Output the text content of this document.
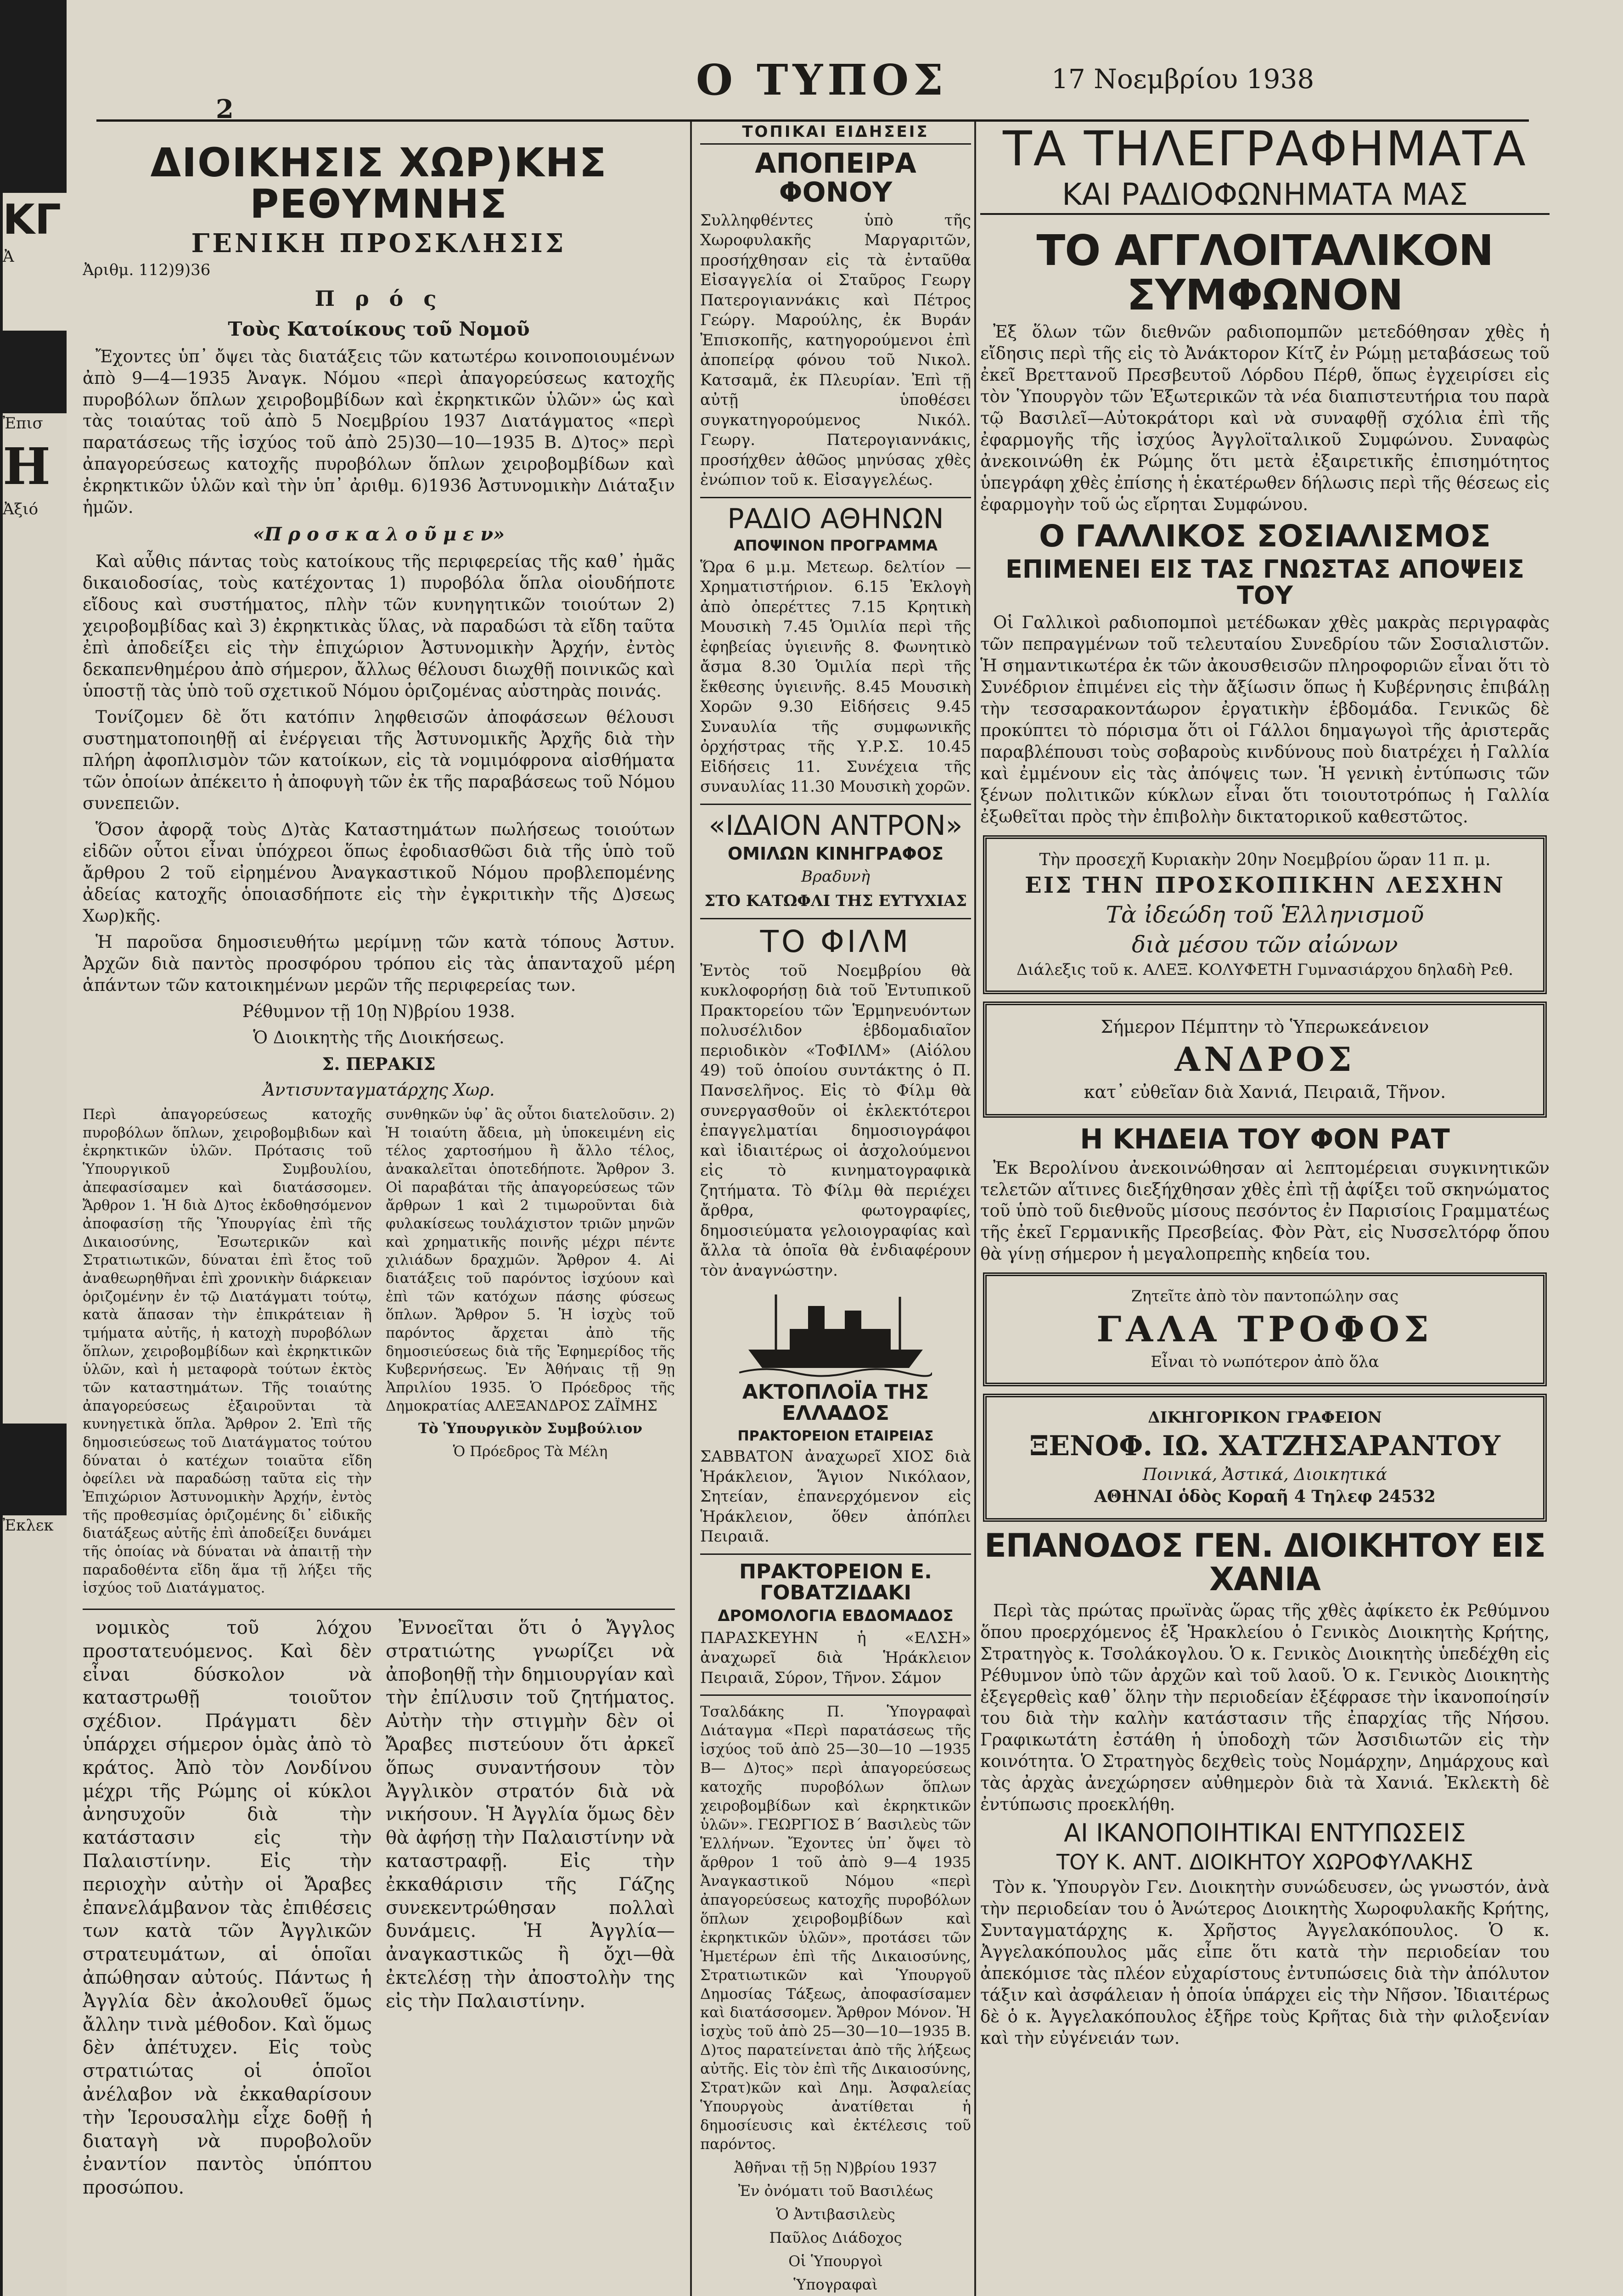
2
Ο ΤΥΠΟΣ	17 Νοεμβρίου 1938
ΔΙΟΙΚΗΣΙΣ ΧΩΡ)ΚΗΣ ΡΕΘΥΜΝΗΣ
ΓΕΝΙΚΗ ΠΡΟΣΚΛΗΣΙΣ

Ἀριθμ. 112)9)36

Π ρ ό ς

Τοὺς Κατοίκους τοῦ Νομοῦ

Ἔχοντες ὑπ᾽ ὄψει τὰς διατάξεις τῶν κατωτέρω κοινοποιουμένων ἀπὸ 9—4—1935 Ἀναγκ. Νόμου «περὶ ἀπαγορεύσεως κατοχῆς πυροβόλων ὅπλων χειροβομβίδων καὶ ἐκρηκτικῶν ὑλῶν» ὡς καὶ τὰς τοιαύτας τοῦ ἀπὸ 5 Νοεμβρίου 1937 Διατάγματος «περὶ παρατάσεως τῆς ἰσχύος τοῦ ἀπὸ 25)30—10—1935 Β. Δ)τος» περὶ ἀπαγορεύσεως κατοχῆς πυροβόλων ὅπλων χειροβομβίδων καὶ ἐκρηκτικῶν ὑλῶν καὶ τὴν ὑπ᾽ ἀριθμ. 6)1936 Ἀστυνομικὴν Διάταξιν ἡμῶν.

«Π ρ ο σ κ α λ ο ῦ μ ε ν»

Καὶ αὖθις πάντας τοὺς κατοίκους τῆς περιφερείας τῆς καθ᾽ ἡμᾶς δικαιοδοσίας, τοὺς κατέχοντας 1) πυροβόλα ὅπλα οἱουδήποτε εἴδους καὶ συστήματος, πλὴν τῶν κυνηγητικῶν τοιούτων 2) χειροβομβίδας καὶ 3) ἐκρηκτικὰς ὕλας, νὰ παραδώσι τὰ εἴδη ταῦτα ἐπὶ ἀποδείξει εἰς τὴν ἐπιχώριον Ἀστυνομικὴν Ἀρχήν, ἐντὸς δεκαπενθημέρου ἀπὸ σήμερον, ἄλλως θέλουσι διωχθῇ ποινικῶς καὶ ὑποστῇ τὰς ὑπὸ τοῦ σχετικοῦ Νόμου ὁριζομένας αὐστηρὰς ποινάς.

Τονίζομεν δὲ ὅτι κατόπιν ληφθεισῶν ἀποφάσεων θέλουσι συστηματοποιηθῇ αἱ ἐνέργειαι τῆς Ἀστυνομικῆς Ἀρχῆς διὰ τὴν πλήρη ἀφοπλισμὸν τῶν κατοίκων, εἰς τὰ νομιμόφρονα αἰσθήματα τῶν ὁποίων ἀπέκειτο ἡ ἀποφυγὴ τῶν ἐκ τῆς παραβάσεως τοῦ Νόμου συνεπειῶν.

Ὅσον ἀφορᾷ τοὺς Δ)τὰς Καταστημάτων πωλήσεως τοιούτων εἰδῶν οὗτοι εἶναι ὑπόχρεοι ὅπως ἐφοδιασθῶσι διὰ τῆς ὑπὸ τοῦ ἄρθρου 2 τοῦ εἰρημένου Ἀναγκαστικοῦ Νόμου προβλεπομένης ἀδείας κατοχῆς ὁποιασδήποτε εἰς τὴν ἐγκριτικὴν τῆς Δ)σεως Χωρ)κῆς.

Ἡ παροῦσα δημοσιευθήτω μερίμνῃ τῶν κατὰ τόπους Ἀστυν. Ἀρχῶν διὰ παντὸς προσφόρου τρόπου εἰς τὰς ἁπανταχοῦ μέρη ἁπάντων τῶν κατοικημένων μερῶν τῆς περιφερείας των.

Ρέθυμνον τῇ 10ῃ Ν)βρίου 1938.

Ὁ Διοικητὴς τῆς Διοικήσεως.

Σ. ΠΕΡΑΚΙΣ

Ἀντισυνταγματάρχης Χωρ.

Περὶ ἀπαγορεύσεως κατοχῆς πυροβόλων ὅπλων, χειροβομβιδων καὶ ἐκρηκτικῶν ὑλῶν. Πρότασις τοῦ Ὑπουργικοῦ Συμβουλίου, ἀπεφασίσαμεν καὶ διατάσσομεν. Ἄρθρον 1. Ἡ διὰ Δ)τος ἐκδοθησόμενον ἀποφασίσῃ τῆς Ὑπουργίας ἐπὶ τῆς Δικαιοσύνης, Ἐσωτερικῶν καὶ Στρατιωτικῶν, δύναται ἐπὶ ἔτος τοῦ ἀναθεωρηθῆναι ἐπὶ χρονικὴν διάρκειαν ὁριζομένην ἐν τῷ Διατάγματι τούτῳ, κατὰ ἅπασαν τὴν ἐπικράτειαν ἢ τμήματα αὐτῆς, ἡ κατοχὴ πυροβόλων ὅπλων, χειροβομβίδων καὶ ἐκρηκτικῶν ὑλῶν, καὶ ἡ μεταφορὰ τούτων ἐκτὸς τῶν καταστημάτων. Τῆς τοιαύτης ἀπαγορεύσεως ἐξαιροῦνται τὰ κυνηγετικὰ ὅπλα. Ἄρθρον 2. Ἐπὶ τῆς δημοσιεύσεως τοῦ Διατάγματος τούτου δύναται ὁ κατέχων τοιαῦτα εἴδη ὀφείλει νὰ παραδώσῃ ταῦτα εἰς τὴν Ἐπιχώριον Ἀστυνομικὴν Ἀρχήν, ἐντὸς τῆς προθεσμίας ὁριζομένης δι᾽ εἰδικῆς διατάξεως αὐτῆς ἐπὶ ἀποδείξει δυνάμει τῆς ὁποίας νὰ δύναται νὰ ἀπαιτῇ τὴν παραδοθέντα εἴδη ἅμα τῇ λήξει τῆς ἰσχύος τοῦ Διατάγματος.

συνθηκῶν ὑφ᾽ ἃς οὗτοι διατελοῦσιν. 2) Ἡ τοιαύτη ἄδεια, μὴ ὑποκειμένη εἰς τέλος χαρτοσήμου ἢ ἄλλο τέλος, ἀνακαλεῖται ὁποτεδήποτε. Ἄρθρον 3. Οἱ παραβάται τῆς ἀπαγορεύσεως τῶν ἄρθρων 1 καὶ 2 τιμωροῦνται διὰ φυλακίσεως τουλάχιστον τριῶν μηνῶν καὶ χρηματικῆς ποινῆς μέχρι πέντε χιλιάδων δραχμῶν. Ἄρθρον 4. Αἱ διατάξεις τοῦ παρόντος ἰσχύουν καὶ ἐπὶ τῶν κατόχων πάσης φύσεως ὅπλων. Ἄρθρον 5. Ἡ ἰσχὺς τοῦ παρόντος ἄρχεται ἀπὸ τῆς δημοσιεύσεως διὰ τῆς Ἐφημερίδος τῆς Κυβερνήσεως. Ἐν Ἀθήναις τῇ 9ῃ Ἀπριλίου 1935. Ὁ Πρόεδρος τῆς Δημοκρατίας ΑΛΕΞΑΝΔΡΟΣ ΖΑΪΜΗΣ

Τὸ Ὑπουργικὸν Συμβούλιον

Ὁ Πρόεδρος Τὰ Μέλη

νομικὸς τοῦ λόχου προστατευόμενος. Καὶ δὲν εἶναι δύσκολον νὰ καταστρωθῇ τοιοῦτον σχέδιον. Πράγματι δὲν ὑπάρχει σήμερον ὁμὰς ἀπὸ τὸ κράτος. Ἀπὸ τὸν Λονδίνου μέχρι τῆς Ρώμης οἱ κύκλοι ἀνησυχοῦν διὰ τὴν κατάστασιν εἰς τὴν Παλαιστίνην. Εἰς τὴν περιοχὴν αὐτὴν οἱ Ἄραβες ἐπανελάμβανον τὰς ἐπιθέσεις των κατὰ τῶν Ἀγγλικῶν στρατευμάτων, αἱ ὁποῖαι ἀπώθησαν αὐτούς. Πάντως ἡ Ἀγγλία δὲν ἀκολουθεῖ ὅμως ἄλλην τινὰ μέθοδον. Καὶ ὅμως δὲν ἀπέτυχεν. Εἰς τοὺς στρατιώτας οἱ ὁποῖοι ἀνέλαβον νὰ ἐκκαθαρίσουν τὴν Ἱερουσαλὴμ εἶχε δοθῇ ἡ διαταγὴ νὰ πυροβολοῦν ἐναντίον παντὸς ὑπόπτου προσώπου.

Ἐννοεῖται ὅτι ὁ Ἄγγλος στρατιώτης γνωρίζει νὰ ἀποβοηθῇ τὴν δημιουργίαν καὶ τὴν ἐπίλυσιν τοῦ ζητήματος. Αὐτὴν τὴν στιγμὴν δὲν οἱ Ἄραβες πιστεύουν ὅτι ἀρκεῖ ὅπως συναντήσουν τὸν Ἀγγλικὸν στρατόν διὰ νὰ νικήσουν. Ἡ Ἀγγλία ὅμως δὲν θὰ ἀφήσῃ τὴν Παλαιστίνην νὰ καταστραφῇ. Εἰς τὴν ἐκκαθάρισιν τῆς Γάζης συνεκεντρώθησαν πολλαὶ δυνάμεις. Ἡ Ἀγγλία—ἀναγκαστικῶς ἢ ὄχι—θὰ ἐκτελέσῃ τὴν ἀποστολὴν της εἰς τὴν Παλαιστίνην.

ΤΟΠΙΚΑΙ ΕΙΔΗΣΕΙΣ
ΑΠΟΠΕΙΡΑ ΦΟΝΟΥ

Συλληφθέντες ὑπὸ τῆς Χωροφυλακῆς Μαργαριτῶν, προσήχθησαν εἰς τὰ ἐνταῦθα Εἰσαγγελία οἱ Σταῦρος Γεωργ Πατερογιαννάκις καὶ Πέτρος Γεώργ. Μαρούλης, ἐκ Βυράν Ἐπισκοπῆς, κατηγορούμενοι ἐπὶ ἀποπείρᾳ φόνου τοῦ Νικολ. Κατσαμᾶ, ἐκ Πλευρίαν. Ἐπὶ τῇ αὐτῇ ὑποθέσει συγκατηγορούμενος Νικόλ. Γεωργ. Πατερογιαννάκις, προσήχθεν ἀθῶος μηνύσας χθὲς ἐνώπιον τοῦ κ. Εἰσαγγελέως.

ΡΑΔΙΟ ΑΘΗΝΩΝ
ΑΠΟΨΙΝΟΝ ΠΡΟΓΡΑΜΜΑ

Ὥρα 6 μ.μ. Μετεωρ. δελτίον —Χρηματιστήριον. 6.15 Ἐκλογὴ ἀπὸ ὀπερέττες 7.15 Κρητικὴ Μουσικὴ 7.45 Ὁμιλία περὶ τῆς ἐφηβείας ὑγιεινῆς 8. Φωνητικὸ ἄσμα 8.30 Ὁμιλία περὶ τῆς ἔκθεσης ὑγιεινῆς. 8.45 Μουσικὴ Χορῶν 9.30 Εἰδήσεις 9.45 Συναυλία τῆς συμφωνικῆς ὀρχήστρας τῆς Υ.Ρ.Σ. 10.45 Εἰδήσεις 11. Συνέχεια τῆς συναυλίας 11.30 Μουσικὴ χορῶν.

«ΙΔΑΙΟΝ ΑΝΤΡΟΝ»
ΟΜΙΛΩΝ ΚΙΝΗΓΡΑΦΟΣ

Βραδυνὴ

ΣΤΟ ΚΑΤΩΦΛΙ ΤΗΣ ΕΥΤΥΧΙΑΣ

ΤΟ ΦΙΛΜ

Ἐντὸς τοῦ Νοεμβρίου θὰ κυκλοφορήσῃ διὰ τοῦ Ἐντυπικοῦ Πρακτορείου τῶν Ἑρμηνευόντων πολυσέλιδον ἑβδομαδιαῖον περιοδικὸν «ΤοΦΙΛΜ» (Αἰόλου 49) τοῦ ὁποίου συντάκτης ὁ Π. Πανσελῆνος. Εἰς τὸ Φίλμ θὰ συνεργασθοῦν οἱ ἐκλεκτότεροι ἐπαγγελματίαι δημοσιογράφοι καὶ ἰδιαιτέρως οἱ ἀσχολούμενοι εἰς τὸ κινηματογραφικὰ ζητήματα. Τὸ Φίλμ θὰ περιέχει ἄρθρα, φωτογραφίες, δημοσιεύματα γελοιογραφίας καὶ ἄλλα τὰ ὁποῖα θὰ ἐνδιαφέρουν τὸν ἀναγνώστην.

ΑΚΤΟΠΛΟΪΑ ΤΗΣ ΕΛΛΑΔΟΣ
ΠΡΑΚΤΟΡΕΙΟΝ ΕΤΑΙΡΕΙΑΣ

ΣΑΒΒΑΤΟΝ ἀναχωρεῖ ΧΙΟΣ διὰ Ἡράκλειον, Ἅγιον Νικόλαον, Σητείαν, ἐπανερχόμενον εἰς Ἡράκλειον, ὅθεν ἀπόπλει Πειραιᾶ.

ΠΡΑΚΤΟΡΕΙΟΝ Ε. ΓΟΒΑΤΖΙΔΑΚΙ
ΔΡΟΜΟΛΟΓΙΑ ΕΒΔΟΜΑΔΟΣ

ΠΑΡΑΣΚΕΥΗΝ ἡ «ΕΛΣΗ» ἀναχωρεῖ διὰ Ἡράκλειον Πειραιᾶ, Σύρον, Τῆνον. Σάμον

Τσαλδάκης Π. Ὑπογραφαὶ Διάταγμα «Περὶ παρατάσεως τῆς ἰσχύος τοῦ ἀπὸ 25—30—10 —1935 Β— Δ)τος» περὶ ἀπαγορεύσεως κατοχῆς πυροβόλων ὅπλων χειροβομβίδων καὶ ἐκρηκτικῶν ὑλῶν». ΓΕΩΡΓΙΟΣ Β΄ Βασιλεὺς τῶν Ἑλλήνων. Ἔχοντες ὑπ᾽ ὄψει τὸ ἄρθρον 1 τοῦ ἀπὸ 9—4 1935 Ἀναγκαστικοῦ Νόμου «περὶ ἀπαγορεύσεως κατοχῆς πυροβόλων ὅπλων χειροβομβίδων καὶ ἐκρηκτικῶν ὑλῶν», προτάσει τῶν Ἡμετέρων ἐπὶ τῆς Δικαιοσύνης, Στρατιωτικῶν καὶ Ὑπουργοῦ Δημοσίας Τάξεως, ἀποφασίσαμεν καὶ διατάσσομεν. Ἄρθρον Μόνον. Ἡ ἰσχὺς τοῦ ἀπὸ 25—30—10—1935 Β. Δ)τος παρατείνεται ἀπὸ τῆς λήξεως αὐτῆς. Εἰς τὸν ἐπὶ τῆς Δικαιοσύνης, Στρατ)κῶν καὶ Δημ. Ἀσφαλείας Ὑπουργοὺς ἀνατίθεται ἡ δημοσίευσις καὶ ἐκτέλεσις τοῦ παρόντος.

Ἀθῆναι τῇ 5ῃ Ν)βρίου 1937

Ἐν ὀνόματι τοῦ Βασιλέως

Ὁ Ἀντιβασιλεὺς

Παῦλος Διάδοχος

Οἱ Ὑπουργοὶ

Ὑπογραφαὶ

ΤΑ ΤΗΛΕΓΡΑΦΗΜΑΤΑ
ΚΑΙ ΡΑΔΙΟΦΩΝΗΜΑΤΑ ΜΑΣ
ΤΟ ΑΓΓΛΟΙΤΑΛΙΚΟΝ ΣΥΜΦΩΝΟΝ

Ἐξ ὅλων τῶν διεθνῶν ραδιοπομπῶν μετεδόθησαν χθὲς ἡ εἴδησις περὶ τῆς εἰς τὸ Ἀνάκτορον Κίτζ ἐν Ρώμῃ μεταβάσεως τοῦ ἐκεῖ Βρεττανοῦ Πρεσβευτοῦ Λόρδου Πέρθ, ὅπως ἐγχειρίσει εἰς τὸν Ὑπουργὸν τῶν Ἐξωτερικῶν τὰ νέα διαπιστευτήρια του παρὰ τῷ Βασιλεῖ—Αὐτοκράτορι καὶ νὰ συναφθῇ σχόλια ἐπὶ τῆς ἐφαρμογῆς τῆς ἰσχύος Ἀγγλοϊταλικοῦ Συμφώνου. Συναφὼς ἀνεκοινώθη ἐκ Ρώμης ὅτι μετὰ ἐξαιρετικῆς ἐπισημότητος ὑπεγράφη χθὲς ἐπίσης ἡ ἑκατέρωθεν δήλωσις περὶ τῆς θέσεως εἰς ἐφαρμογὴν τοῦ ὡς εἴρηται Συμφώνου.

Ο ΓΑΛΛΙΚΟΣ ΣΟΣΙΑΛΙΣΜΟΣ
ΕΠΙΜΕΝΕΙ ΕΙΣ ΤΑΣ ΓΝΩΣΤΑΣ ΑΠΟΨΕΙΣ ΤΟΥ

Οἱ Γαλλικοὶ ραδιοπομποὶ μετέδωκαν χθὲς μακρὰς περιγραφὰς τῶν πεπραγμένων τοῦ τελευταίου Συνεδρίου τῶν Σοσιαλιστῶν. Ἡ σημαντικωτέρα ἐκ τῶν ἀκουσθεισῶν πληροφοριῶν εἶναι ὅτι τὸ Συνέδριον ἐπιμένει εἰς τὴν ἄξίωσιν ὅπως ἡ Κυβέρνησις ἐπιβάλῃ τὴν τεσσαρακοντάωρον ἐργατικὴν ἑβδομάδα. Γενικῶς δὲ προκύπτει τὸ πόρισμα ὅτι οἱ Γάλλοι δημαγωγοὶ τῆς ἀριστερᾶς παραβλέπουσι τοὺς σοβαροὺς κινδύνους ποὺ διατρέχει ἡ Γαλλία καὶ ἐμμένουν εἰς τὰς ἀπόψεις των. Ἡ γενικὴ ἐντύπωσις τῶν ξένων πολιτικῶν κύκλων εἶναι ὅτι τοιουτοτρόπως ἡ Γαλλία ἐξωθεῖται πρὸς τὴν ἐπιβολὴν δικτατορικοῦ καθεστῶτος.

Τὴν προσεχῆ Κυριακὴν 20ην Νοεμβρίου ὥραν 11 π. μ.

ΕΙΣ ΤΗΝ ΠΡΟΣΚΟΠΙΚΗΝ ΛΕΣΧΗΝ

Τὰ ἰδεώδη τοῦ Ἑλληνισμοῦ

διὰ μέσου τῶν αἰώνων

Διάλεξις τοῦ κ. ΑΛΕΞ. ΚΟΛΥΦΕΤΗ Γυμνασιάρχου δηλαδὴ Ρεθ.

Σήμερον Πέμπτην τὸ Ὑπερωκεάνειον

ΑΝΔΡΟΣ

κατ᾽ εὐθεῖαν διὰ Χανιά, Πειραιᾶ, Τῆνον.

Η ΚΗΔΕΙΑ ΤΟΥ ΦΟΝ ΡΑΤ

Ἐκ Βερολίνου ἀνεκοινώθησαν αἱ λεπτομέρειαι συγκινητικῶν τελετῶν αἵτινες διεξήχθησαν χθὲς ἐπὶ τῇ ἀφίξει τοῦ σκηνώματος τοῦ ὑπὸ τοῦ διεθνοῦς μίσους πεσόντος ἐν Παρισίοις Γραμματέως τῆς ἐκεῖ Γερμανικῆς Πρεσβείας. Φὸν Ρὰτ, εἰς Νυσσελτόρφ ὅπου θὰ γίνῃ σήμερον ἡ μεγαλοπρεπὴς κηδεία του.

Ζητεῖτε ἀπὸ τὸν παντοπώλην σας

ΓΑΛΑ ΤΡΟΦΟΣ

Εἶναι τὸ νωπότερον ἀπὸ ὅλα

ΔΙΚΗΓΟΡΙΚΟΝ ΓΡΑΦΕΙΟΝ

ΞΕΝΟΦ. ΙΩ. ΧΑΤΖΗΣΑΡΑΝΤΟΥ

Ποινικά, Ἀστικά, Διοικητικά

ΑΘΗΝΑΙ ὁδὸς Κοραῆ 4 Τηλεφ 24532

ΕΠΑΝΟΔΟΣ ΓΕΝ. ΔΙΟΙΚΗΤΟΥ ΕΙΣ ΧΑΝΙΑ

Περὶ τὰς πρώτας πρωϊνὰς ὥρας τῆς χθὲς ἀφίκετο ἐκ Ρεθύμνου ὅπου προερχόμενος ἐξ Ἡρακλείου ὁ Γενικὸς Διοικητὴς Κρήτης, Στρατηγὸς κ. Τσολάκογλου. Ὁ κ. Γενικὸς Διοικητὴς ὑπεδέχθη εἰς Ρέθυμνον ὑπὸ τῶν ἀρχῶν καὶ τοῦ λαοῦ. Ὁ κ. Γενικὸς Διοικητὴς ἐξεγερθεὶς καθ᾽ ὅλην τὴν περιοδείαν ἐξέφρασε τὴν ἱκανοποίησίν του διὰ τὴν καλὴν κατάστασιν τῆς ἐπαρχίας τῆς Νήσου. Γραφικωτάτη ἐστάθη ἡ ὑποδοχὴ τῶν Ἀσσιδιωτῶν εἰς τὴν κοινότητα. Ὁ Στρατηγὸς δεχθεὶς τοὺς Νομάρχην, Δημάρχους καὶ τὰς ἀρχὰς ἀνεχώρησεν αὐθημερὸν διὰ τὰ Χανιά. Ἐκλεκτὴ δὲ ἐντύπωσις προεκλήθη.

ΑΙ ΙΚΑΝΟΠΟΙΗΤΙΚΑΙ ΕΝΤΥΠΩΣΕΙΣ
ΤΟΥ Κ. ΑΝΤ. ΔΙΟΙΚΗΤΟΥ ΧΩΡΟΦΥΛΑΚΗΣ

Τὸν κ. Ὑπουργὸν Γεν. Διοικητὴν συνώδευσεν, ὡς γνωστόν, ἀνὰ τὴν περιοδείαν του ὁ Ἀνώτερος Διοικητὴς Χωροφυλακῆς Κρήτης, Συνταγματάρχης κ. Χρῆστος Ἀγγελακόπουλος. Ὁ κ. Ἀγγελακόπουλος μᾶς εἶπε ὅτι κατὰ τὴν περιοδείαν του ἀπεκόμισε τὰς πλέον εὐχαρίστους ἐντυπώσεις διὰ τὴν ἀπόλυτον τάξιν καὶ ἀσφάλειαν ἡ ὁποία ὑπάρχει εἰς τὴν Νῆσον. Ἰδιαιτέρως δὲ ὁ κ. Ἀγγελακόπουλος ἐξῆρε τοὺς Κρῆτας διὰ τὴν φιλοξενίαν καὶ τὴν εὐγένειάν των.

ΚΓ
Ἀ
Ἐπισ
Η
Ἀξιό
Ἐκλεκ
